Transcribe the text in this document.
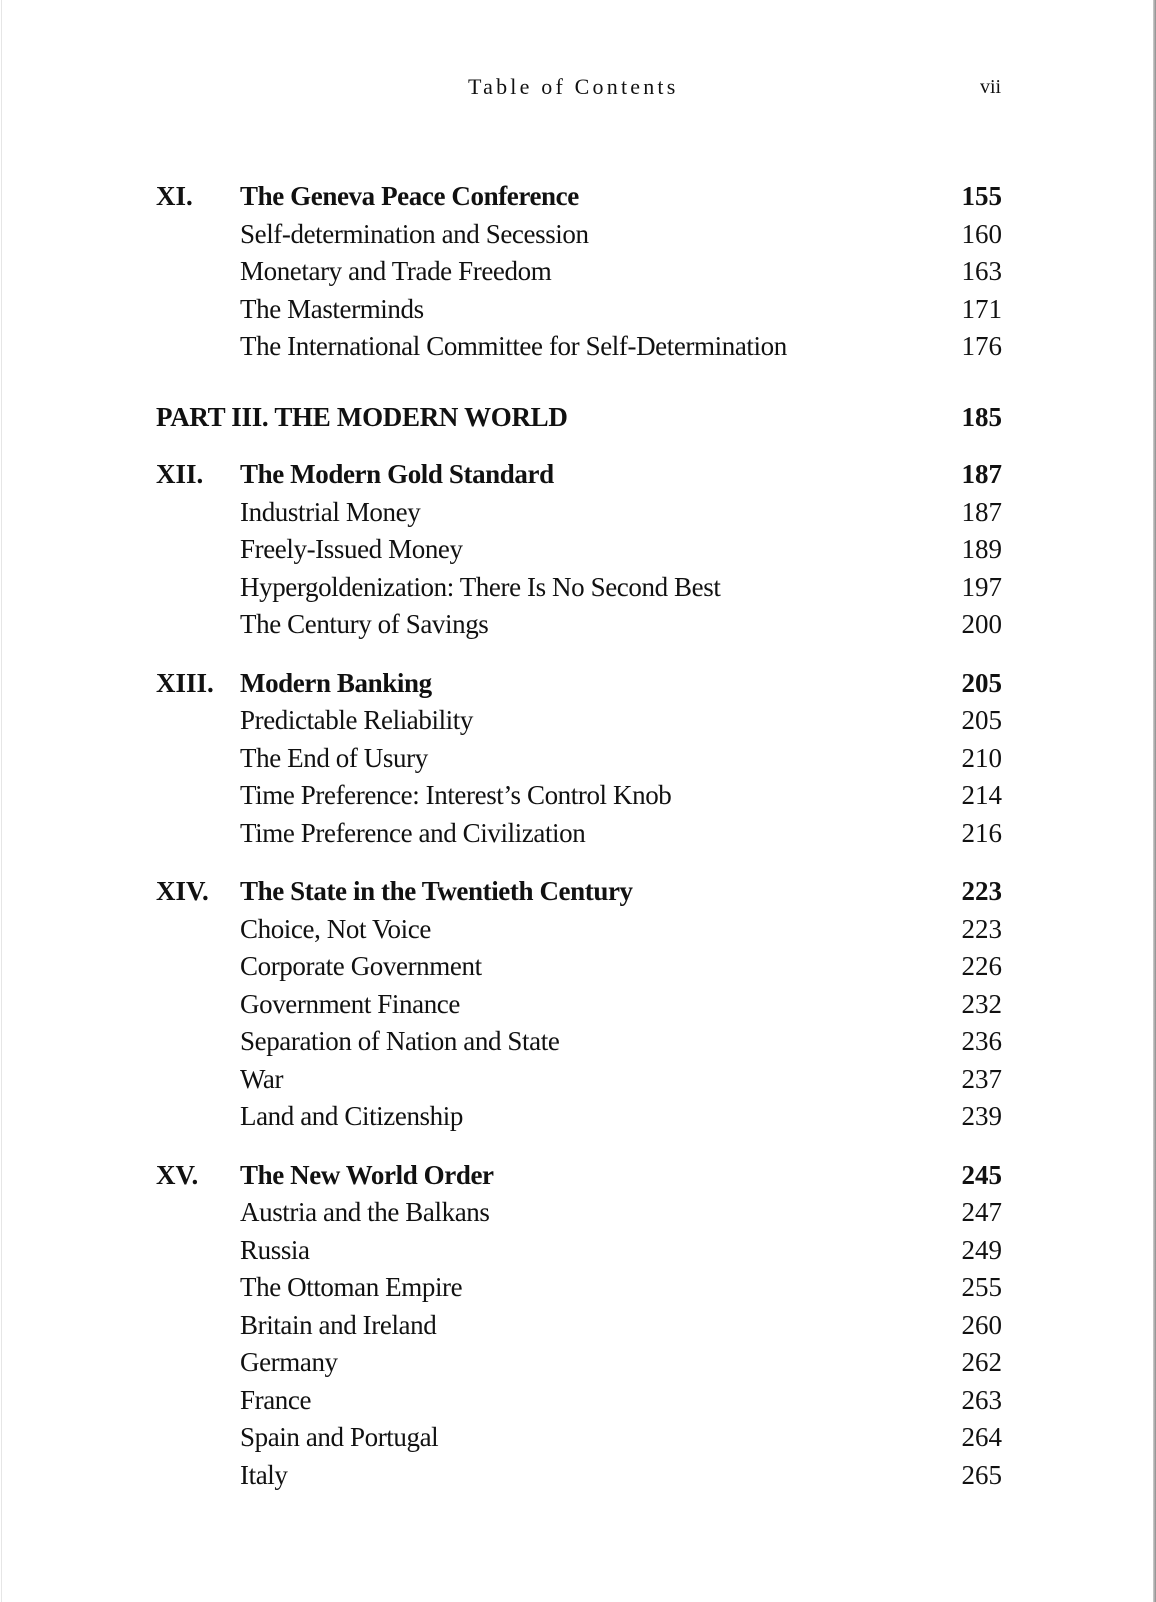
Table of Contents	vii
XI. The Geneva Peace Conference	155
Self-determination and Secession	160
Monetary and Trade Freedom	163
The Masterminds	171
The International Committee for Self-Determination	176
PART III. THE MODERN WORLD	185
XII. The Modern Gold Standard	187
Industrial Money	187
Freely-Issued Money	189
Hypergoldenization: There Is No Second Best	197
The Century of Savings	200
XIII. Modern Banking	205
Predictable Reliability	205
The End of Usury	210
Time Preference: Interest’s Control Knob	214
Time Preference and Civilization	216
XIV. The State in the Twentieth Century	223
Choice, Not Voice	223
Corporate Government	226
Government Finance	232
Separation of Nation and State	236
War	237
Land and Citizenship	239
XV. The New World Order	245
Austria and the Balkans	247
Russia	249
The Ottoman Empire	255
Britain and Ireland	260
Germany	262
France	263
Spain and Portugal	264
Italy	265
